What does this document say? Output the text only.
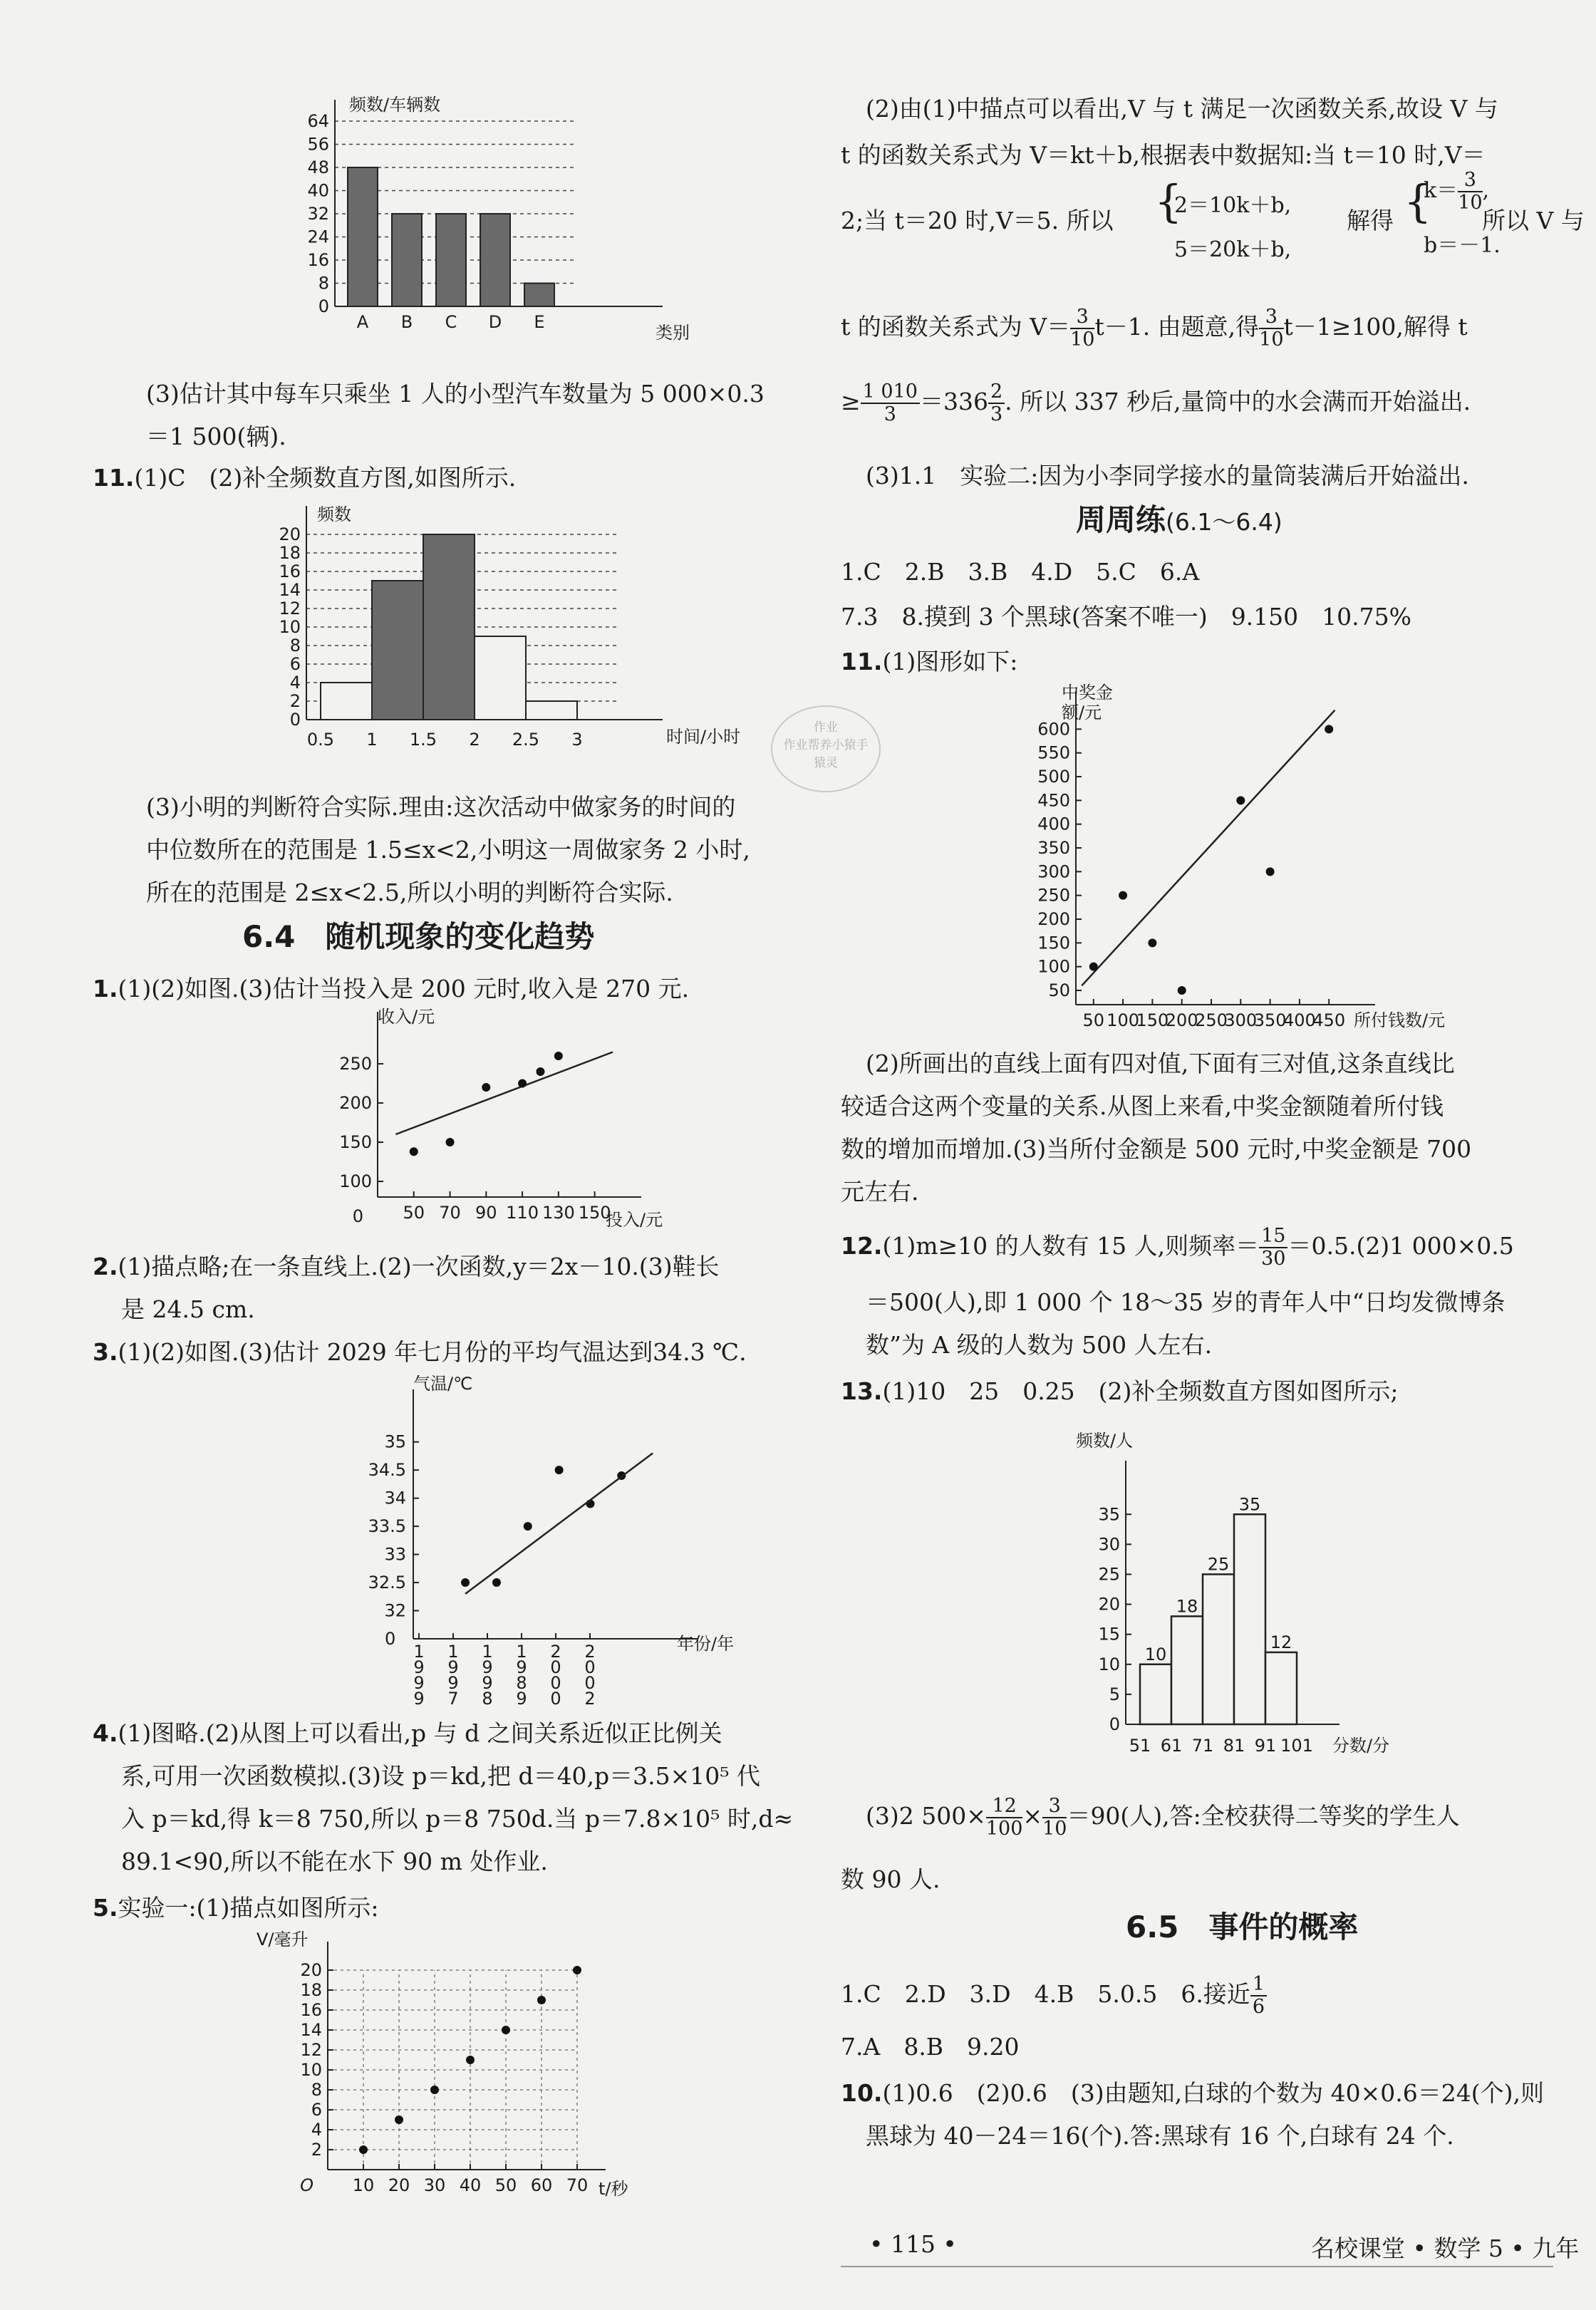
0
8
16
24
32
40
48
56
64
频数/车辆数
类别
A B C D E
(3)估计其中每车只乘坐 1 人的小型汽车数量为 5 000×0.3
＝1 500(辆).
11.(1)C　(2)补全频数直方图,如图所示.
0
2
4
6
8
10
12
14
16
18
20
频数
时间/小时
0.5 1 1.5 2 2.5 3
(3)小明的判断符合实际.理由:这次活动中做家务的时间的
中位数所在的范围是 1.5≤x<2,小明这一周做家务 2 小时,
所在的范围是 2≤x<2.5,所以小明的判断符合实际.
6.4　随机现象的变化趋势
1.(1)(2)如图.(3)估计当投入是 200 元时,收入是 270 元.
100
150
200
250
50 70 90 110 130 150
收入/元
投入/元
0
2.(1)描点略;在一条直线上.(2)一次函数,y＝2x－10.(3)鞋长
是 24.5 cm.
3.(1)(2)如图.(3)估计 2029 年七月份的平均气温达到34.3 ℃.
气温/℃
年份/年
0
32
32.5
33
33.5
34
34.5
35
1
9
9
9
1
9
9
7
1
9
9
8
1
9
8
9
2
0
0
0
2
0
0
2
4.(1)图略.(2)从图上可以看出,p 与 d 之间关系近似正比例关
系,可用一次函数模拟.(3)设 p＝kd,把 d＝40,p＝3.5×10⁵ 代
入 p＝kd,得 k＝8 750,所以 p＝8 750d.当 p＝7.8×10⁵ 时,d≈
89.1<90,所以不能在水下 90 m 处作业.
5.实验一:(1)描点如图所示:
2
4
6
8
10
12
14
16
18
20
10 20 30 40 50 60 70
V/毫升
t/秒
O
作业
作业帮养小猿手
猿灵
(2)由(1)中描点可以看出,V 与 t 满足一次函数关系,故设 V 与
t 的函数关系式为 V＝kt＋b,根据表中数据知:当 t＝10 时,V＝
2;当 t＝20 时,V＝5. 所以 {
2＝10k＋b,
5＝20k＋b,
解得 {
$k= \frac{3}{10}$ ,
b＝－1.
所以 V 与
t 的函数关系式为 $V= \frac{3}{10} t-1$. 由题意,得 $\frac{3}{10} t-1\ge 100$,解得 t
≥ $\frac{1 010}{3} =336 \frac{2}{3}$ . 所以 337 秒后,量筒中的水会满而开始溢出.
(3)1.1　实验二:因为小李同学接水的量筒装满后开始溢出.
周周练(6.1～6.4)
1.C　2.B　3.B　4.D　5.C　6.A
7.3　8.摸到 3 个黑球(答案不唯一)　9.150　10.75%
11.(1)图形如下:
50
100
150
200
250
300
350
400
450
500
550
600
50 100
150
200
250
300
350
400
450
中奖金
额/元
所付钱数/元
(2)所画出的直线上面有四对值,下面有三对值,这条直线比
较适合这两个变量的关系.从图上来看,中奖金额随着所付钱
数的增加而增加.(3)当所付金额是 500 元时,中奖金额是 700
元左右.
12.(1)m≥10 的人数有 15 人,则频率＝ $\frac{15}{30} =0.5.(2)1$ 000×0.5
＝500(人),即 1 000 个 18～35 岁的青年人中“日均发微博条
数”为 A 级的人数为 500 人左右.
13.(1)10　25　0.25　(2)补全频数直方图如图所示;
频数/人
分数/分
0
5
10
15
20
25
30
35
10
18
25
35
12
51 61 71 81 91 101
(3)2 $500\times \frac{12}{100} \times \frac{3}{10} =90$(人),答:全校获得二等奖的学生人
数 90 人.
6.5　事件的概率
1.C　2.D　3.D　4.B　5.0.5　6.接近 $\frac{1}{6}$
7.A　8.B　9.20
10.(1)0.6　(2)0.6　(3)由题知,白球的个数为 40×0.6＝24(个),则
黑球为 40－24＝16(个).答:黑球有 16 个,白球有 24 个.
• 115 •	名校课堂 • 数学 5 • 九年
